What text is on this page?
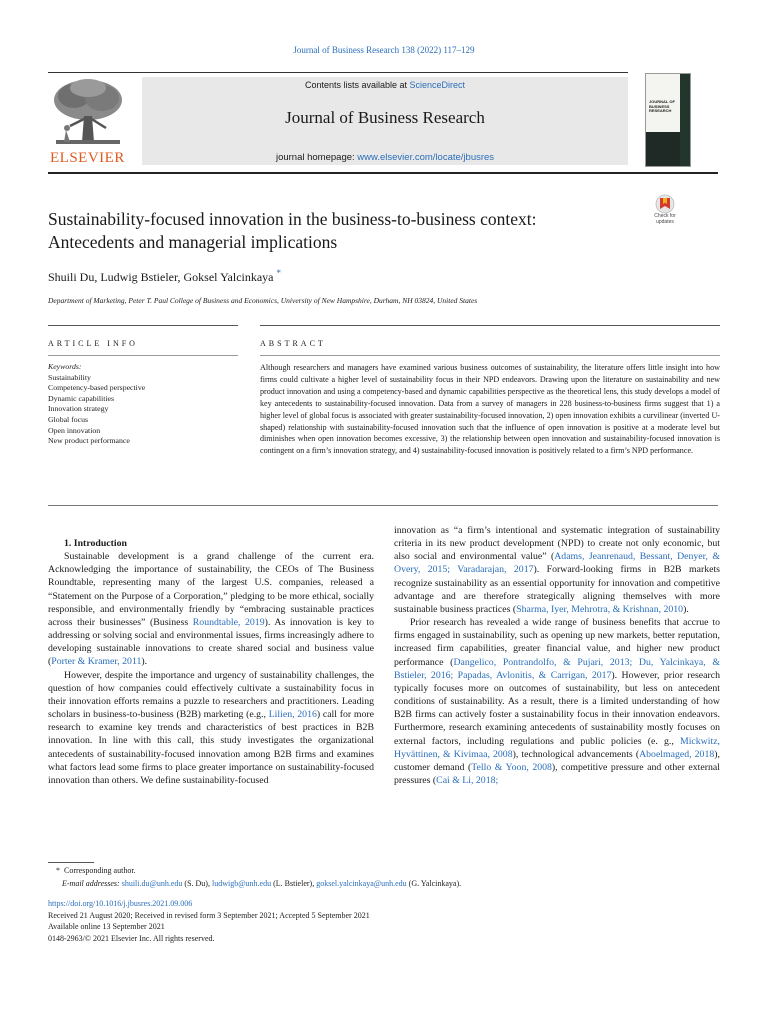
Journal of Business Research 138 (2022) 117–129
ELSEVIER
Contents lists available at ScienceDirect
Journal of Business Research
journal homepage: www.elsevier.com/locate/jbusres
JOURNAL OF BUSINESS RESEARCH
Sustainability-focused innovation in the business-to-business context:
Antecedents and managerial implications
Check for updates
Shuili Du, Ludwig Bstieler, Goksel Yalcinkaya *
Department of Marketing, Peter T. Paul College of Business and Economics, University of New Hampshire, Durham, NH 03824, United States
ARTICLE INFO	ABSTRACT
Keywords:
Sustainability
Competency-based perspective
Dynamic capabilities
Innovation strategy
Global focus
Open innovation
New product performance
Although researchers and managers have examined various business outcomes of sustainability, the literature offers little insight into how firms could cultivate a higher level of sustainability focus in their NPD endeavors. Drawing upon the literature on sustainability and new product innovation and using a competency-based and dynamic capabilities perspective as the theoretical lens, this study develops a model of key antecedents to sustainability-focused innovation. Data from a survey of managers in 228 business-to-business firms suggest that 1) a higher level of global focus is associated with greater sustainability-focused innovation, 2) open innovation exhibits a curvilinear (inverted U-shaped) relationship with sustainability-focused innovation such that the influence of open innovation is positive at a moderate level but diminishes when open innovation becomes excessive, 3) the relationship between open innovation and sustainability-focused innovation is contingent on a firm’s innovation strategy, and 4) sustainability-focused innovation is positively related to a firm’s NPD performance.

1. Introduction

Sustainable development is a grand challenge of the current era. Acknowledging the importance of sustainability, the CEOs of The Business Roundtable, representing many of the largest U.S. companies, released a “Statement on the Purpose of a Corporation,” pledging to be more ethical, socially responsible, and environmentally friendly by “embracing sustainable practices across their businesses” (Business Roundtable, 2019). As innovation is key to addressing or solving social and environmental issues, firms increasingly adhere to developing sustainable innovations to create shared social and business value (Porter & Kramer, 2011).

However, despite the importance and urgency of sustainability challenges, the question of how companies could effectively cultivate a sustainability focus in their innovation efforts remains a puzzle to researchers and practitioners. Leading scholars in business-to-business (B2B) marketing (e.g., Lilien, 2016) call for more research to examine key trends and characteristics of best practices in B2B innovation. In line with this call, this study investigates the organizational antecedents of sustainability-focused innovation among B2B firms and examines what factors lead some firms to place greater importance on sustainability-focused innovation than others. We define sustainability-focused

innovation as “a firm’s intentional and systematic integration of sustainability criteria in its new product development (NPD) to create not only economic, but also social and environmental value” (Adams, Jeanrenaud, Bessant, Denyer, & Overy, 2015; Varadarajan, 2017). Forward-looking firms in B2B markets recognize sustainability as an essential opportunity for innovation and competitive advantage and are therefore strategically aligning themselves with more sustainable business practices (Sharma, Iyer, Mehrotra, & Krishnan, 2010).

Prior research has revealed a wide range of business benefits that accrue to firms engaged in sustainability, such as opening up new markets, better reputation, increased firm capabilities, greater financial value, and higher new product performance (Dangelico, Pontrandolfo, & Pujari, 2013; Du, Yalcinkaya, & Bstieler, 2016; Papadas, Avlonitis, & Carrigan, 2017). However, prior research typically focuses more on outcomes of sustainability, but less on antecedent conditions of sustainability. As a result, there is a limited understanding of how B2B firms can actively foster a sustainability focus in their innovation endeavors. Furthermore, research examining antecedents of sustainability mostly focuses on external factors, including regulations and public policies (e. g., Mickwitz, Hyvättinen, & Kivimaa, 2008), technological advancements (Aboelmaged, 2018), customer demand (Tello & Yoon, 2008), competitive pressure and other external pressures (Cai & Li, 2018;

* Corresponding author.
E-mail addresses: shuili.du@unh.edu (S. Du), ludwigb@unh.edu (L. Bstieler), goksel.yalcinkaya@unh.edu (G. Yalcinkaya).
https://doi.org/10.1016/j.jbusres.2021.09.006
Received 21 August 2020; Received in revised form 3 September 2021; Accepted 5 September 2021
Available online 13 September 2021
0148-2963/© 2021 Elsevier Inc. All rights reserved.
